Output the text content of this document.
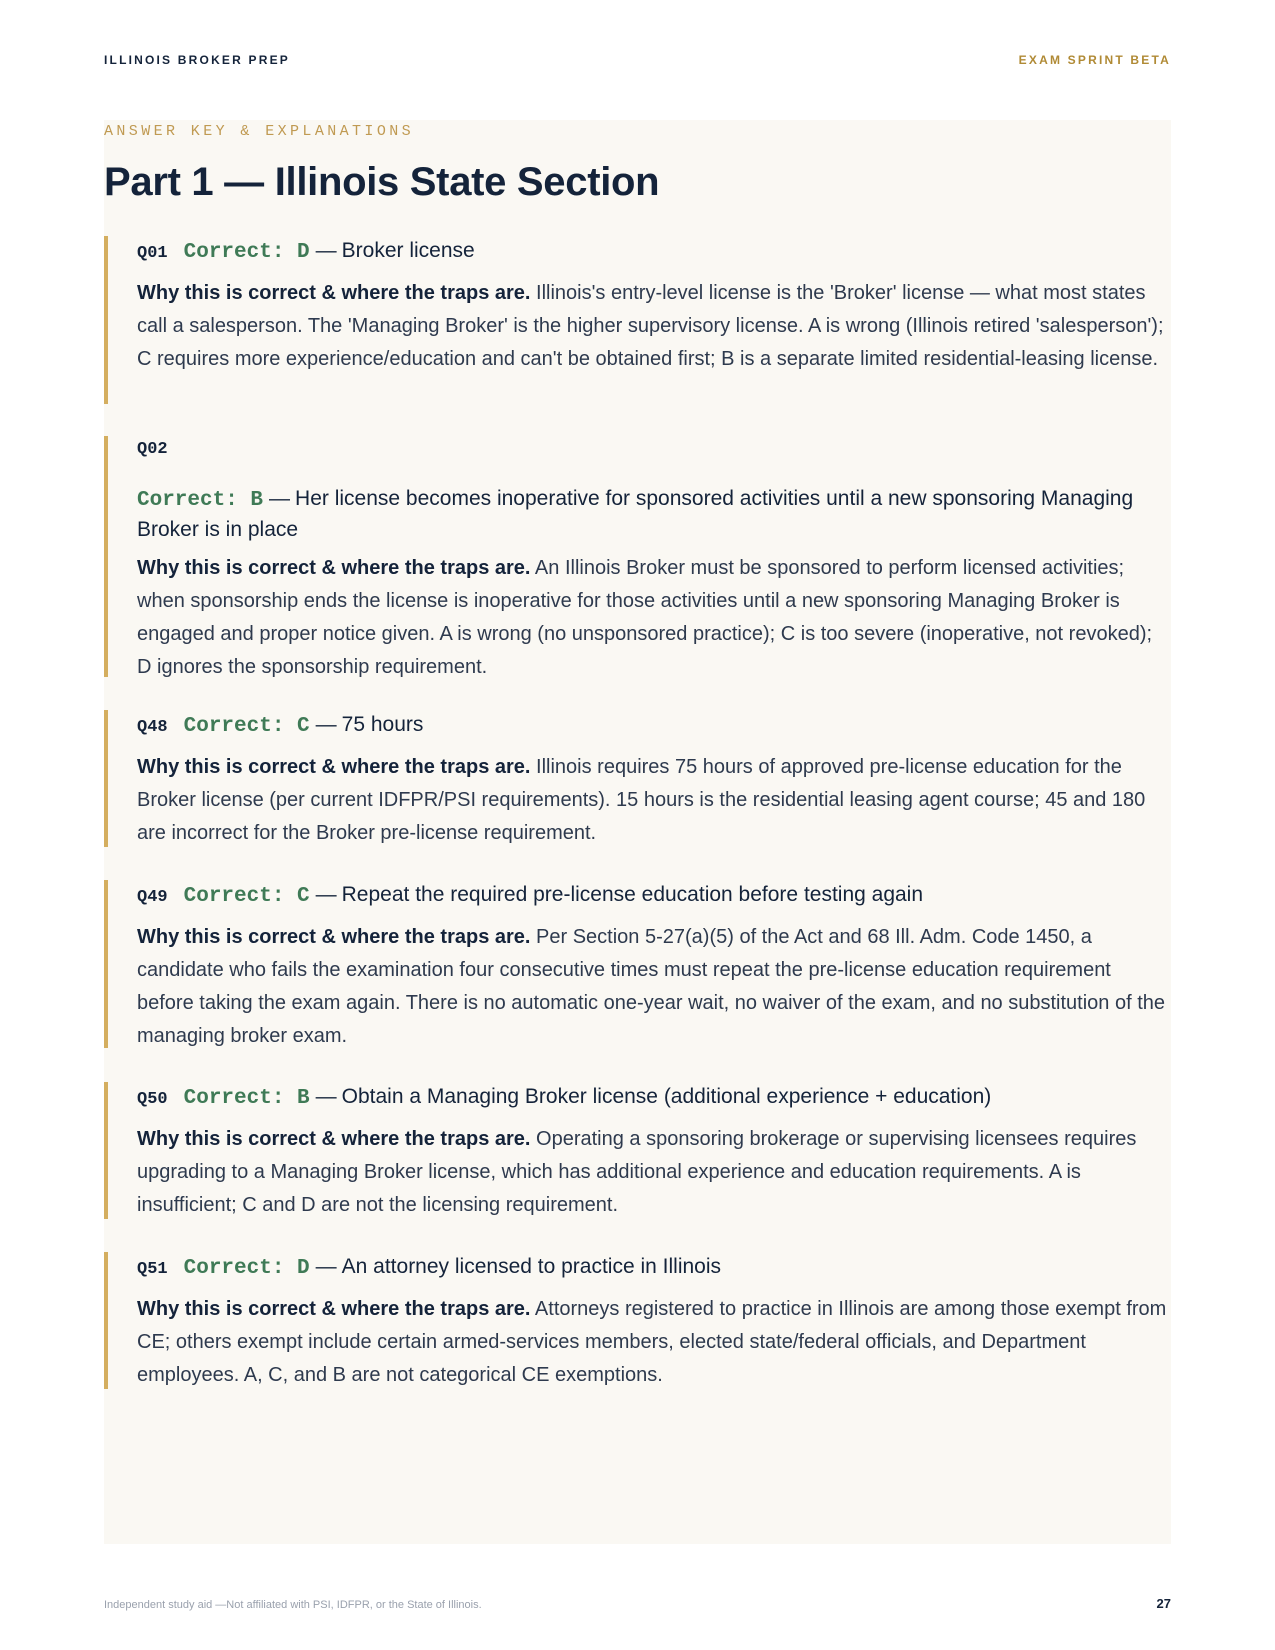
ILLINOIS BROKER PREP	EXAM SPRINT BETA
ANSWER KEY & EXPLANATIONS
Part 1 — Illinois State Section
Q01 Correct: D — Broker license

Why this is correct & where the traps are. Illinois's entry-level license is the 'Broker' license — what most states call a salesperson. The 'Managing Broker' is the higher supervisory license. A is wrong (Illinois retired 'salesperson'); C requires more experience/education and can't be obtained first; B is a separate limited residential-leasing license.

Q02
Correct: B — Her license becomes inoperative for sponsored activities until a new sponsoring Managing Broker is in place

Why this is correct & where the traps are. An Illinois Broker must be sponsored to perform licensed activities; when sponsorship ends the license is inoperative for those activities until a new sponsoring Managing Broker is engaged and proper notice given. A is wrong (no unsponsored practice); C is too severe (inoperative, not revoked); D ignores the sponsorship requirement.

Q48 Correct: C — 75 hours

Why this is correct & where the traps are. Illinois requires 75 hours of approved pre-license education for the Broker license (per current IDFPR/PSI requirements). 15 hours is the residential leasing agent course; 45 and 180 are incorrect for the Broker pre-license requirement.

Q49 Correct: C — Repeat the required pre-license education before testing again

Why this is correct & where the traps are. Per Section 5-27(a)(5) of the Act and 68 Ill. Adm. Code 1450, a candidate who fails the examination four consecutive times must repeat the pre-license education requirement before taking the exam again. There is no automatic one-year wait, no waiver of the exam, and no substitution of the managing broker exam.

Q50 Correct: B — Obtain a Managing Broker license (additional experience + education)

Why this is correct & where the traps are. Operating a sponsoring brokerage or supervising licensees requires upgrading to a Managing Broker license, which has additional experience and education requirements. A is insufficient; C and D are not the licensing requirement.

Q51 Correct: D — An attorney licensed to practice in Illinois

Why this is correct & where the traps are. Attorneys registered to practice in Illinois are among those exempt from CE; others exempt include certain armed-services members, elected state/federal officials, and Department employees. A, C, and B are not categorical CE exemptions.

Independent study aid —Not affiliated with PSI, IDFPR, or the State of Illinois.	27
